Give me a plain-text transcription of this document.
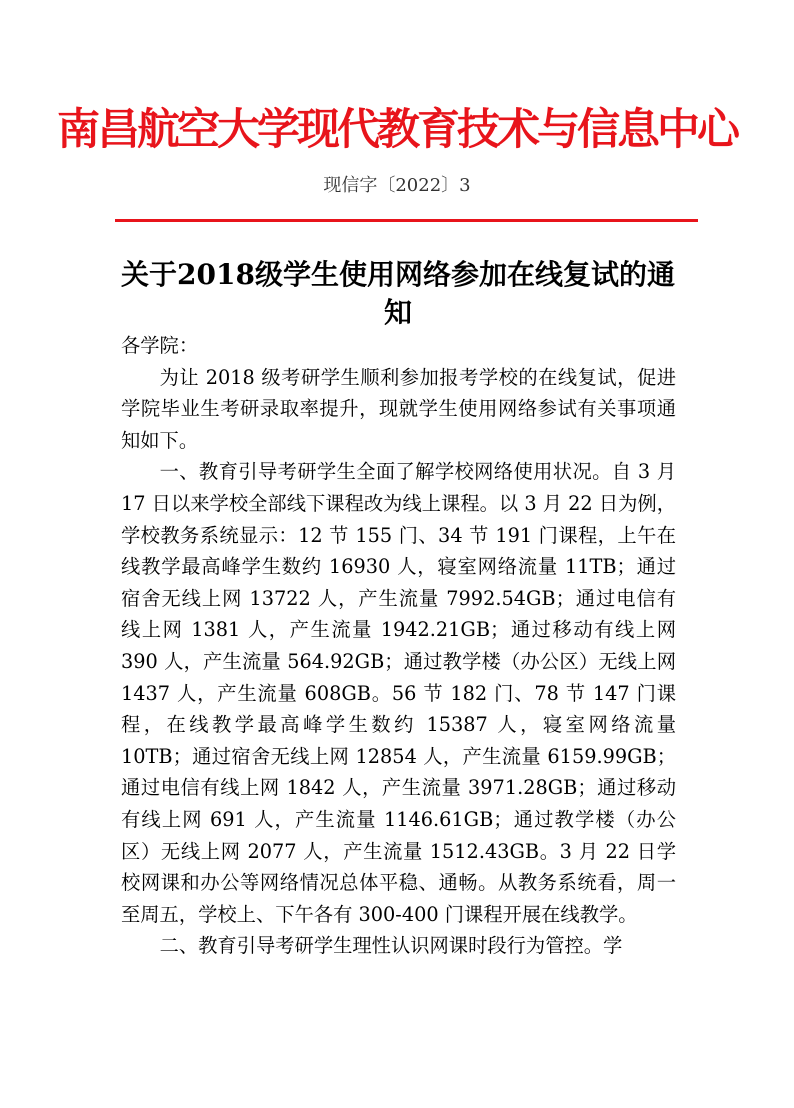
南昌航空大学现代教育技术与信息中心
现信字〔2022〕3
关于2018级学生使用网络参加在线复试的通知

各学院：

为让 2018 级考研学生顺利参加报考学校的在线复试，促进学院毕业生考研录取率提升，现就学生使用网络参试有关事项通知如下。

一、教育引导考研学生全面了解学校网络使用状况。自 3 月 17 日以来学校全部线下课程改为线上课程。以 3 月 22 日为例，学校教务系统显示：12 节 155 门、34 节 191 门课程，上午在线教学最高峰学生数约 16930 人，寝室网络流量 11TB；通过宿舍无线上网 13722 人，产生流量 7992.54GB；通过电信有线上网 1381 人，产生流量 1942.21GB；通过移动有线上网 390 人，产生流量 564.92GB；通过教学楼（办公区）无线上网 1437 人，产生流量 608GB。56 节 182 门、78 节 147 门课程，在线教学最高峰学生数约 15387 人，寝室网络流量 10TB；通过宿舍无线上网 12854 人，产生流量 6159.99GB；通过电信有线上网 1842 人，产生流量 3971.28GB；通过移动有线上网 691 人，产生流量 1146.61GB；通过教学楼（办公区）无线上网 2077 人，产生流量 1512.43GB。3 月 22 日学校网课和办公等网络情况总体平稳、通畅。从教务系统看，周一至周五，学校上、下午各有 300-400 门课程开展在线教学。

二、教育引导考研学生理性认识网课时段行为管控。学
